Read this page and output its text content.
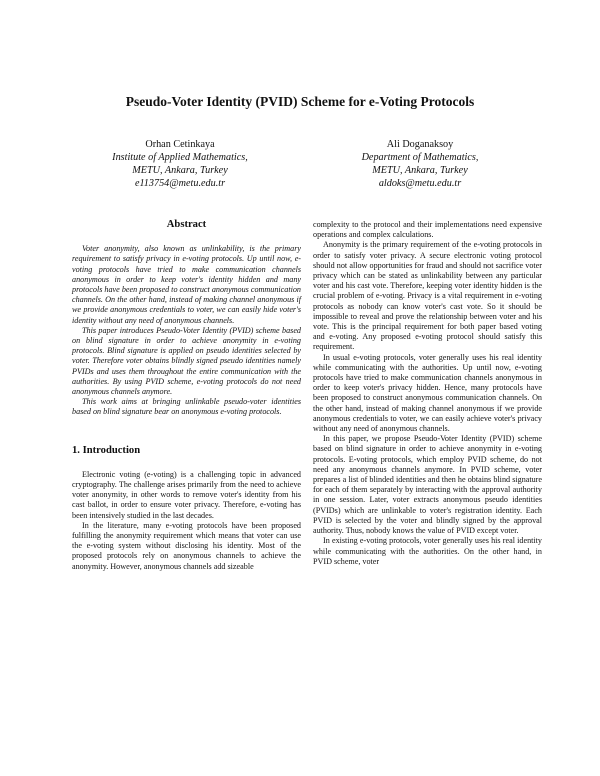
Pseudo-Voter Identity (PVID) Scheme for e-Voting Protocols
Orhan Cetinkaya
Institute of Applied Mathematics,
METU, Ankara, Turkey
e113754@metu.edu.tr
Ali Doganaksoy
Department of Mathematics,
METU, Ankara, Turkey
aldoks@metu.edu.tr
Abstract

Voter anonymity, also known as unlinkability, is the primary requirement to satisfy privacy in e-voting protocols. Up until now, e-voting protocols have tried to make communication channels anonymous in order to keep voter's identity hidden and many protocols have been proposed to construct anonymous communication channels. On the other hand, instead of making channel anonymous if we provide anonymous credentials to voter, we can easily hide voter's identity without any need of anonymous channels.

This paper introduces Pseudo-Voter Identity (PVID) scheme based on blind signature in order to achieve anonymity in e-voting protocols. Blind signature is applied on pseudo identities selected by voter. Therefore voter obtains blindly signed pseudo identities namely PVIDs and uses them throughout the entire communication with the authorities. By using PVID scheme, e-voting protocols do not need anonymous channels anymore.

This work aims at bringing unlinkable pseudo-voter identities based on blind signature bear on anonymous e-voting protocols.

1. Introduction

Electronic voting (e-voting) is a challenging topic in advanced cryptography. The challenge arises primarily from the need to achieve voter anonymity, in other words to remove voter's identity from his cast ballot, in order to ensure voter privacy. Therefore, e-voting has been intensively studied in the last decades.

In the literature, many e-voting protocols have been proposed fulfilling the anonymity requirement which means that voter can use the e-voting system without disclosing his identity. Most of the proposed protocols rely on anonymous channels to achieve the anonymity. However, anonymous channels add sizeable

complexity to the protocol and their implementations need expensive operations and complex calculations.

Anonymity is the primary requirement of the e-voting protocols in order to satisfy voter privacy. A secure electronic voting protocol should not allow opportunities for fraud and should not sacrifice voter privacy which can be stated as unlinkability between any particular voter and his cast vote. Therefore, keeping voter identity hidden is the crucial problem of e-voting. Privacy is a vital requirement in e-voting protocols as nobody can know voter's cast vote. So it should be impossible to reveal and prove the relationship between voter and his vote. This is the principal requirement for both paper based voting and e-voting. Any proposed e-voting protocol should satisfy this requirement.

In usual e-voting protocols, voter generally uses his real identity while communicating with the authorities. Up until now, e-voting protocols have tried to make communication channels anonymous in order to keep voter's privacy hidden. Hence, many protocols have been proposed to construct anonymous communication channels. On the other hand, instead of making channel anonymous if we provide anonymous credentials to voter, we can easily achieve voter's privacy without any need of anonymous channels.

In this paper, we propose Pseudo-Voter Identity (PVID) scheme based on blind signature in order to achieve anonymity in e-voting protocols. E-voting protocols, which employ PVID scheme, do not need any anonymous channels anymore. In PVID scheme, voter prepares a list of blinded identities and then he obtains blind signature for each of them separately by interacting with the approval authority in one session. Later, voter extracts anonymous pseudo identities (PVIDs) which are unlinkable to voter's registration identity. Each PVID is selected by the voter and blindly signed by the approval authority. Thus, nobody knows the value of PVID except voter.

In existing e-voting protocols, voter generally uses his real identity while communicating with the authorities. On the other hand, in PVID scheme, voter
